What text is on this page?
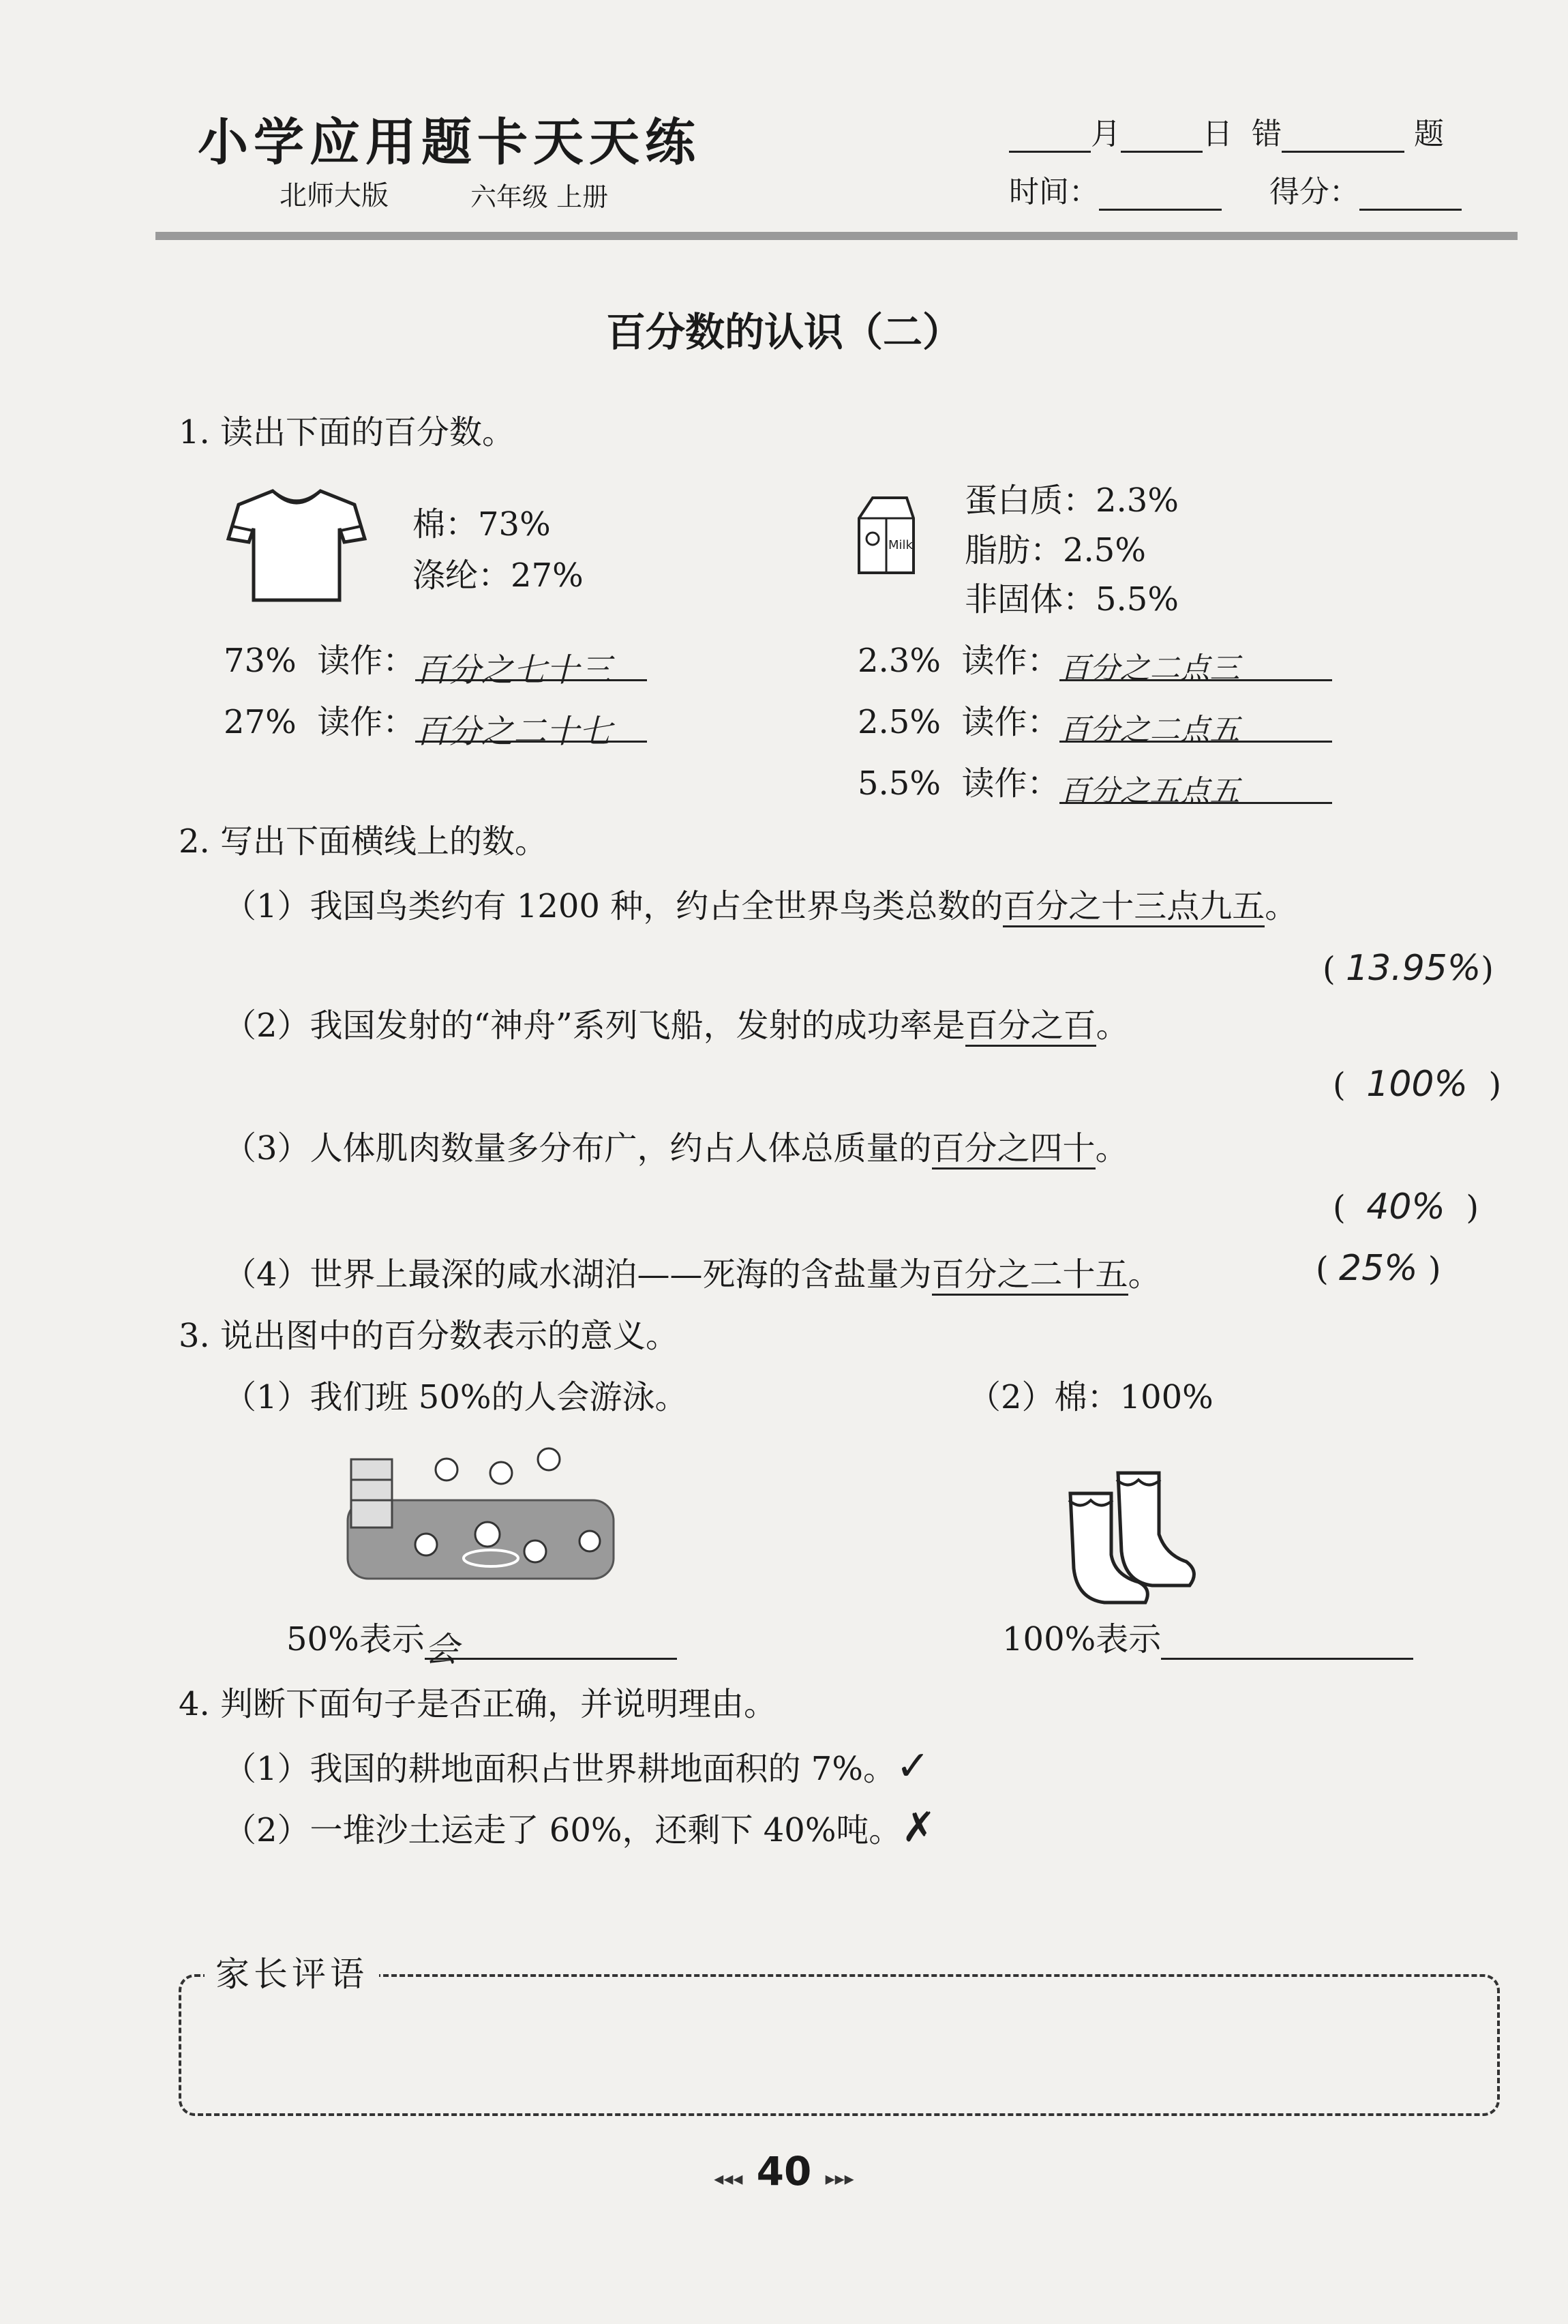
小学应用题卡天天练
北师大版	六年级 上册
月	日 错	题
时间：	得分：
百分数的认识（二）
1. 读出下面的百分数。
棉：73%
涤纶：27%
Milk
蛋白质：2.3%
脂肪：2.5%
非固体：5.5%
73% 读作：百分之七十三
27% 读作：百分之二十七
2.3% 读作：百分之二点三
2.5% 读作：百分之二点五
5.5% 读作：百分之五点五
2. 写出下面横线上的数。
（1）我国鸟类约有 1200 种，约占全世界鸟类总数的百分之十三点九五。
( 13.95%)
（2）我国发射的“神舟”系列飞船，发射的成功率是百分之百。
( 100% )
（3）人体肌肉数量多分布广，约占人体总质量的百分之四十。
( 40% )
（4）世界上最深的咸水湖泊——死海的含盐量为百分之二十五。	( 25% )
3. 说出图中的百分数表示的意义。
（1）我们班 50%的人会游泳。	（2）棉：100%
50%表示会	100%表示
4. 判断下面句子是否正确，并说明理由。
（1）我国的耕地面积占世界耕地面积的 7%。✓
（2）一堆沙土运走了 60%，还剩下 40%吨。✗
家长评语
◂◂◂ 40 ▸▸▸
